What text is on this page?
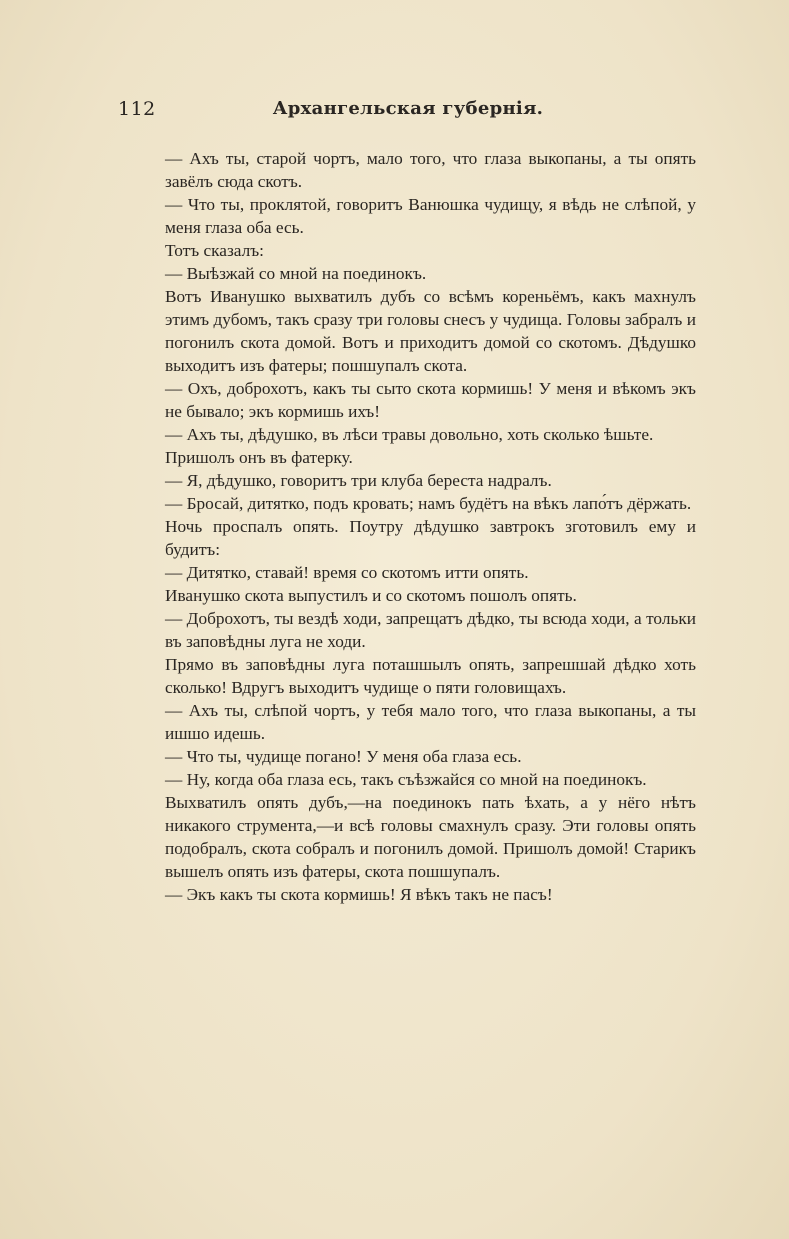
112	Архангельская губернія.

— Ахъ ты, старой чортъ, мало того, что глаза выкопаны, а ты опять завёлъ сюда скотъ.

— Что ты, проклятой, говоритъ Ванюшка чудищу, я вѣдь не слѣпой, у меня глаза оба есь.

Тотъ сказалъ:

— Выѣзжай со мной на поединокъ.

Вотъ Иванушко выхватилъ дубъ со всѣмъ кореньёмъ, какъ махнулъ этимъ дубомъ, такъ сразу три головы снесъ у чудища. Головы забралъ и погонилъ скота домой. Вотъ и приходитъ домой со скотомъ. Дѣдушко выходитъ изъ фатеры; пошшупалъ скота.

— Охъ, доброхотъ, какъ ты сыто скота кормишь! У меня и вѣкомъ экъ не бывало; экъ кормишь ихъ!

— Ахъ ты, дѣдушко, въ лѣси травы довольно, хоть сколько ѣшьте.

Пришолъ онъ въ фатерку.

— Я, дѣдушко, говоритъ три клуба береста надралъ.

— Бросай, дитятко, подъ кровать; намъ будётъ на вѣкъ лапо́тъ дёржать.

Ночь проспалъ опять. Поутру дѣдушко завтрокъ зготовилъ ему и будитъ:

— Дитятко, ставай! время со скотомъ итти опять.

Иванушко скота выпустилъ и со скотомъ пошолъ опять.

— Доброхотъ, ты вездѣ ходи, запрещатъ дѣдко, ты всюда ходи, а тольки въ заповѣдны луга не ходи.

Прямо въ заповѣдны луга поташшылъ опять, запрешшай дѣдко хоть сколько! Вдругъ выходитъ чудище о пяти головищахъ.

— Ахъ ты, слѣпой чортъ, у тебя мало того, что глаза выкопаны, а ты ишшо идешь.

— Что ты, чудище погано! У меня оба глаза есь.

— Ну, когда оба глаза есь, такъ съѣзжайся со мной на поединокъ.

Выхватилъ опять дубъ,—на поединокъ пать ѣхать, а у нёго нѣтъ никакого струмента,—и всѣ головы смахнулъ сразу. Эти головы опять подобралъ, скота собралъ и погонилъ домой. Пришолъ домой! Старикъ вышелъ опять изъ фатеры, скота пошшупалъ.

— Экъ какъ ты скота кормишь! Я вѣкъ такъ не пасъ!
